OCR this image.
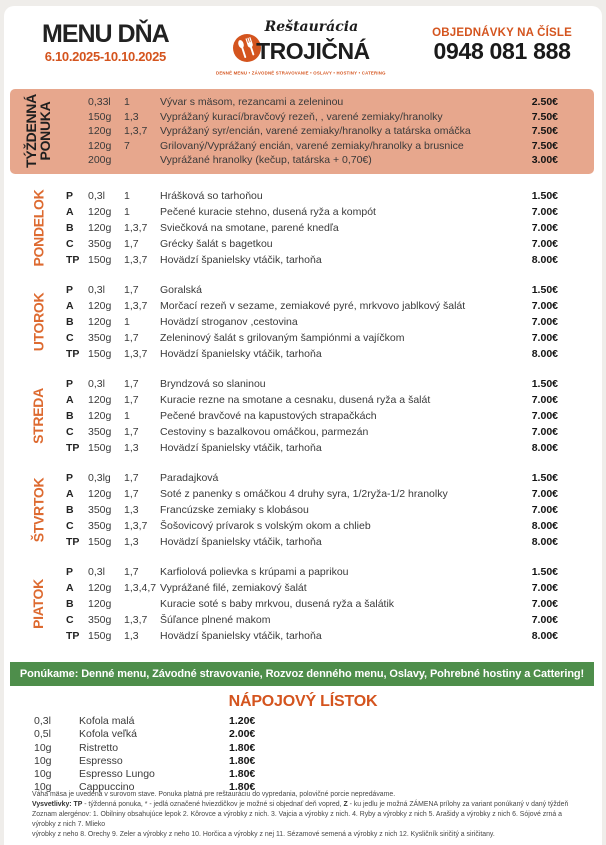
MENU DŇA
6.10.2025-10.10.2025
Reštaurácia
TROJIČNÁ
DENNÉ MENU • ZÁVODNÉ STRAVOVANIE • OSLAVY • HOSTINY • CATERING
OBJEDNÁVKY NA ČÍSLE
0948 081 888
TÝŽDENNÁ PONUKA
0,33l	1	Vývar s mäsom, rezancami a zeleninou	2.50€
150g	1,3	Vyprážaný kurací/bravčový rezeň, , varené zemiaky/hranolky	7.50€
120g	1,3,7	Vyprážaný syr/encián, varené zemiaky/hranolky a tatárska omáčka	7.50€
120g	7	Grilovaný/Vyprážaný encián, varené zemiaky/hranolky a brusnice	7.50€
200g	Vyprážané hranolky (kečup, tatárska + 0,70€)	3.00€
PONDELOK P	0,3l	1	Hrášková so tarhoňou	1.50€
A	120g	1	Pečené kuracie stehno, dusená ryža a kompót	7.00€
B	120g	1,3,7	Sviečková na smotane, parené knedľa	7.00€
C	350g	1,7	Grécky šalát s bagetkou	7.00€
TP 150g	1,3,7	Hovädzí španielsky vtáčik, tarhoňa	8.00€
UTOROK
P	0,3l	1,7	Goralská	1.50€
A	120g	1,3,7	Morčací rezeň v sezame, zemiakové pyré, mrkvovo jablkový šalát	7.00€
B	120g	1	Hovädzí stroganov ,cestovina	7.00€
C	350g	1,7	Zeleninový šalát s grilovaným šampiónmi a vajíčkom	7.00€
TP 150g	1,3,7	Hovädzí španielsky vtáčik, tarhoňa	8.00€
STREDA
P	0,3l	1,7	Bryndzová so slaninou	1.50€
A	120g	1,7	Kuracie rezne na smotane a cesnaku, dusená ryža a šalát	7.00€
B	120g	1	Pečené bravčové na kapustových strapačkách	7.00€
C	350g	1,7	Cestoviny s bazalkovou omáčkou, parmezán	7.00€
TP 150g	1,3	Hovädzí španielsky vtáčik, tarhoňa	8.00€
ŠTVRTOK P	0,3lg	1,7	Paradajková	1.50€
A	120g	1,7	Soté z panenky s omáčkou 4 druhy syra, 1/2ryža-1/2 hranolky	7.00€
B	350g	1,3	Francúzske zemiaky s klobásou	7.00€
C	350g	1,3,7	Šošovicový prívarok s volským okom a chlieb	8.00€
TP 150g	1,3	Hovädzí španielsky vtáčik, tarhoňa	8.00€
PIATOK
P	0,3l	1,7	Karfiolová polievka s krúpami a paprikou	1.50€
A	120g	1,3,4,7 Vyprážané filé, zemiakový šalát	7.00€
B	120g	Kuracie soté s baby mrkvou, dusená ryža a šalátik	7.00€
C	350g	1,3,7	Šúľance plnené makom	7.00€
TP 150g	1,3	Hovädzí španielsky vtáčik, tarhoňa	8.00€
Ponúkame: Denné menu, Závodné stravovanie, Rozvoz denného menu, Oslavy, Pohrebné hostiny a Cattering!
NÁPOJOVÝ LÍSTOK
0,3l	Kofola malá	1.20€
0,5l	Kofola veľká	2.00€
10g	Ristretto	1.80€
10g	Espresso	1.80€
10g	Espresso Lungo	1.80€
10g	Cappuccino	1.80€
Váha mäsa je uvedená v surovom stave. Ponuka platná pre reštauráciu do vypredania, polovičné porcie nepredávame.
Vysvetlivky: TP - týždenná ponuka, * - jedlá označené hviezdičkov je možné si objednať deň vopred, Z - ku jedlu je možná ZÁMENA prílohy za variant ponúkaný v daný týždeň
Zoznam alergénov: 1. Obilniny obsahujúce lepok 2. Kôrovce a výrobky z nich. 3. Vajcia a výrobky z nich. 4. Ryby a výrobky z nich 5. Arašidy a výrobky z nich 6. Sójové zrná a výrobky z nich 7. Mlieko
výrobky z neho 8. Orechy 9. Zeler a výrobky z neho 10. Horčica a výrobky z nej 11. Sézamové semená a výrobky z nich 12. Kysličník siričitý a siričitany.
